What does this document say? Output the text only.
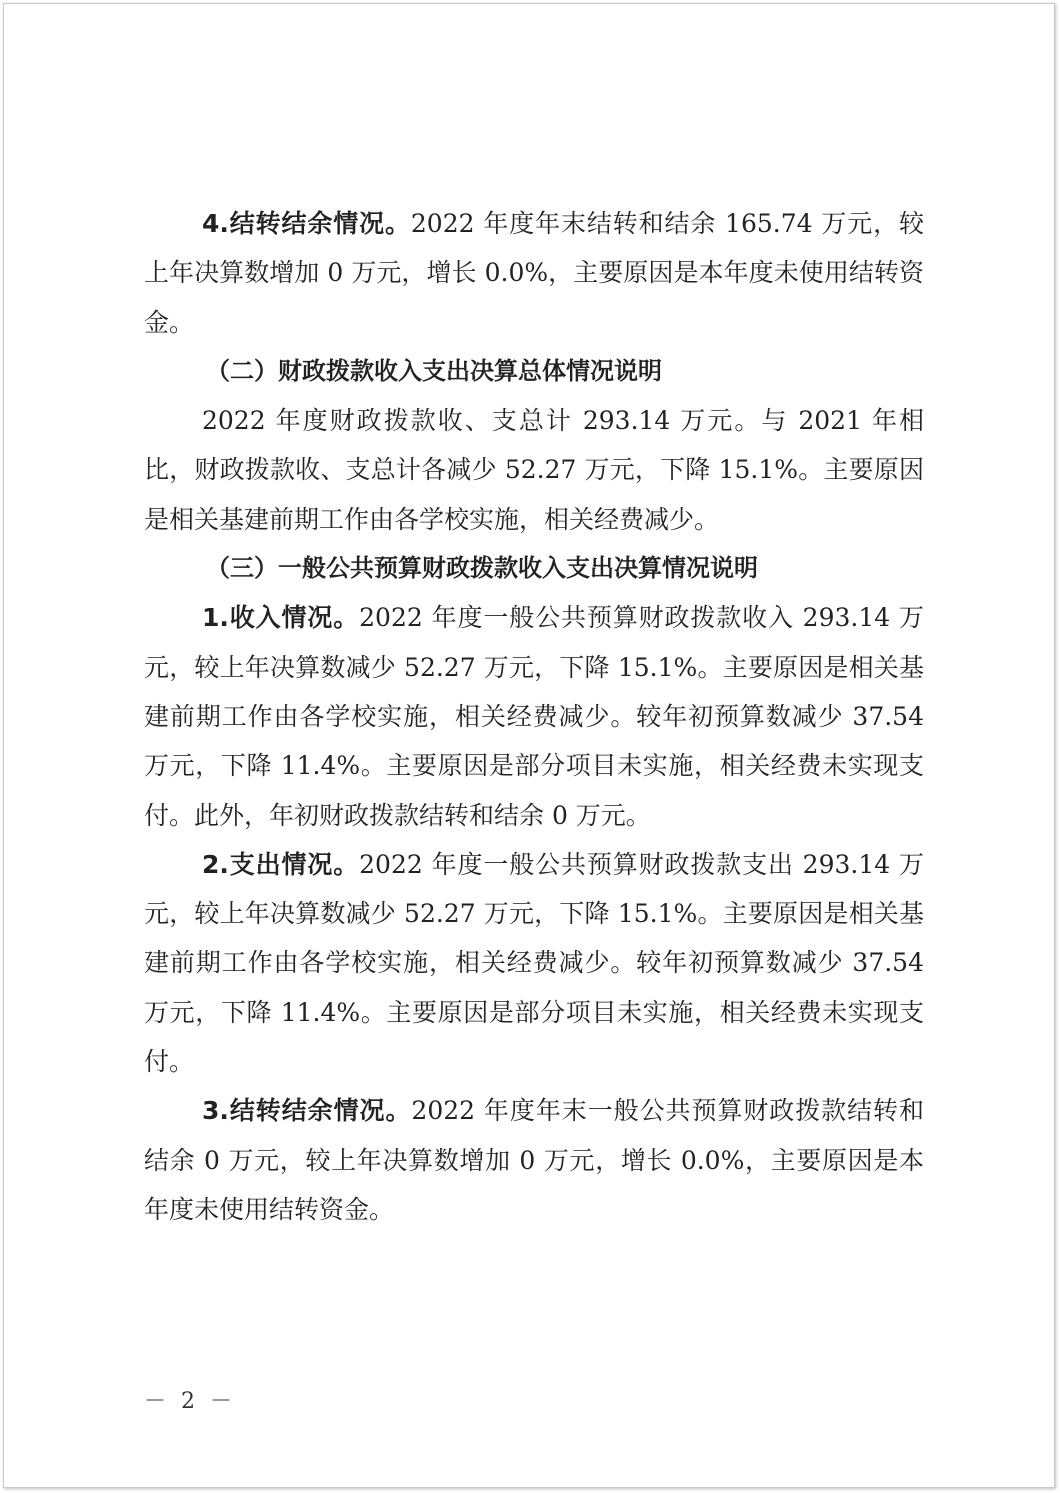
4.结转结余情况。2022 年度年末结转和结余 165.74 万元，较上年决算数增加 0 万元，增长 0.0%，主要原因是本年度未使用结转资金。

（二）财政拨款收入支出决算总体情况说明

2022 年度财政拨款收、支总计 293.14 万元。与 2021 年相比，财政拨款收、支总计各减少 52.27 万元，下降 15.1%。主要原因是相关基建前期工作由各学校实施，相关经费减少。

（三）一般公共预算财政拨款收入支出决算情况说明

1.收入情况。2022 年度一般公共预算财政拨款收入 293.14 万元，较上年决算数减少 52.27 万元，下降 15.1%。主要原因是相关基建前期工作由各学校实施，相关经费减少。较年初预算数减少 37.54 万元，下降 11.4%。主要原因是部分项目未实施，相关经费未实现支付。此外，年初财政拨款结转和结余 0 万元。

2.支出情况。2022 年度一般公共预算财政拨款支出 293.14 万元，较上年决算数减少 52.27 万元，下降 15.1%。主要原因是相关基建前期工作由各学校实施，相关经费减少。较年初预算数减少 37.54 万元，下降 11.4%。主要原因是部分项目未实施，相关经费未实现支付。

3.结转结余情况。2022 年度年末一般公共预算财政拨款结转和结余 0 万元，较上年决算数增加 0 万元，增长 0.0%，主要原因是本年度未使用结转资金。

－ 2 －
